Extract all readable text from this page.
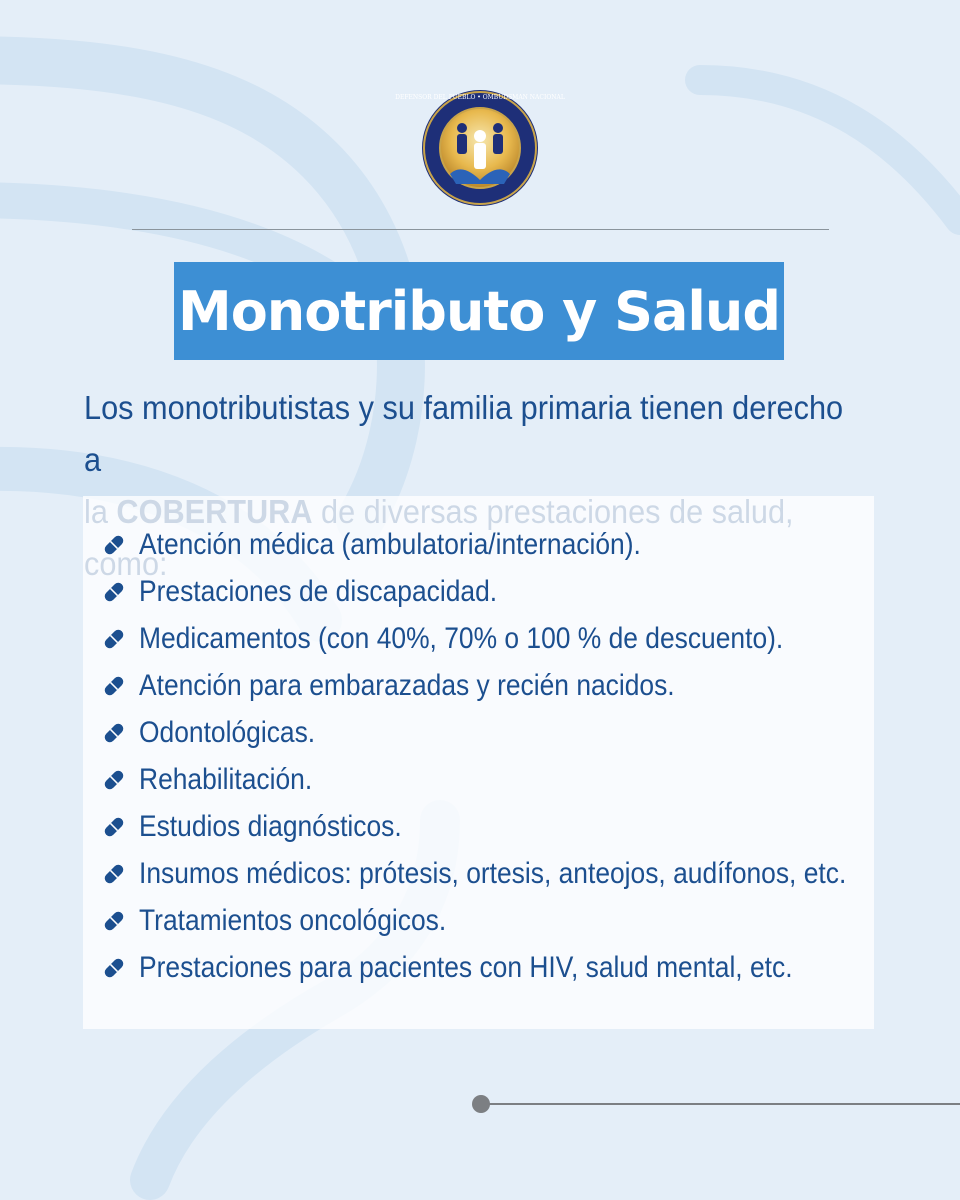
DEFENSOR DEL PUEBLO • OMBUDSMAN NACIONAL
Monotributo y Salud
Los monotributistas y su familia primaria tienen derecho a
Atención médica (ambulatoria/internación).
Prestaciones de discapacidad.
Medicamentos (con 40%, 70% o 100 % de descuento).
Atención para embarazadas y recién nacidos.
Odontológicas.
Rehabilitación.
Estudios diagnósticos.
Insumos médicos: prótesis, ortesis, anteojos, audífonos, etc.
Tratamientos oncológicos.
Prestaciones para pacientes con HIV, salud mental, etc.
